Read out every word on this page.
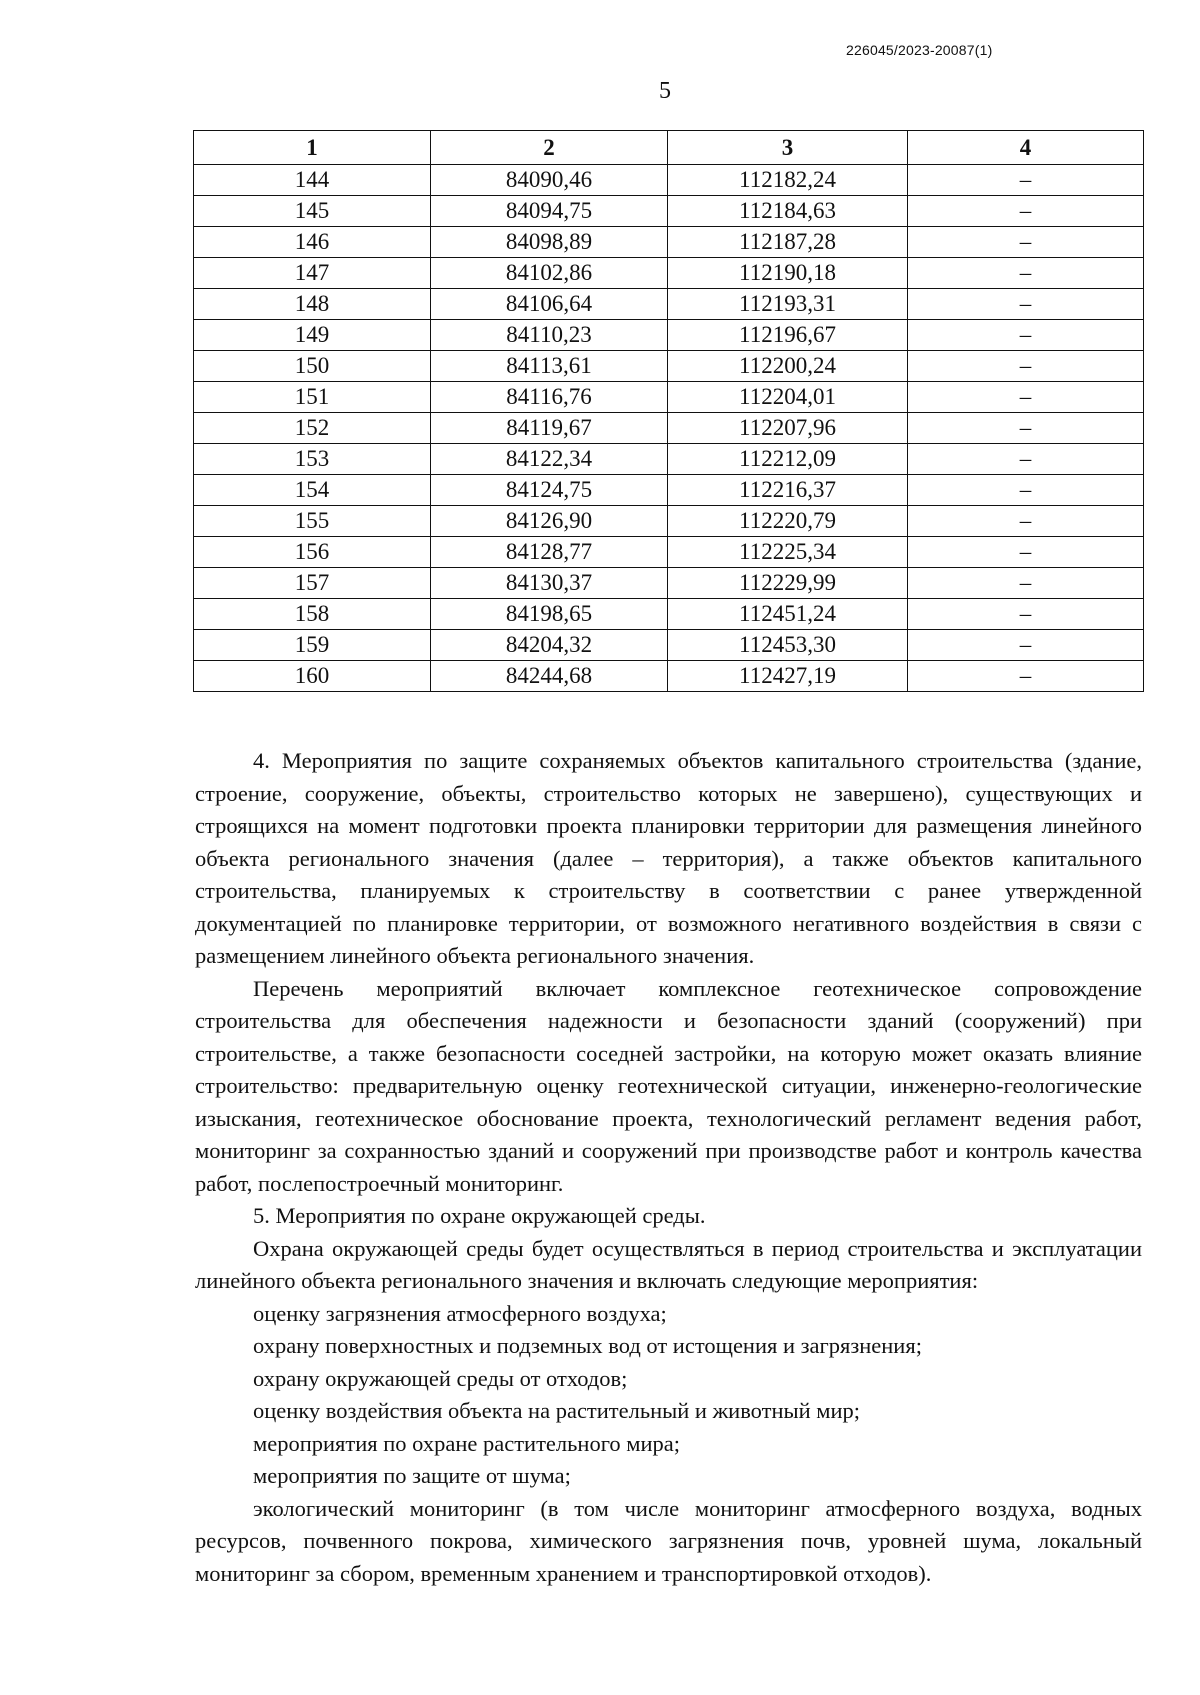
226045/2023-20087(1)
5
1	2	3	4
144	84090,46	112182,24	–
145	84094,75	112184,63	–
146	84098,89	112187,28	–
147	84102,86	112190,18	–
148	84106,64	112193,31	–
149	84110,23	112196,67	–
150	84113,61	112200,24	–
151	84116,76	112204,01	–
152	84119,67	112207,96	–
153	84122,34	112212,09	–
154	84124,75	112216,37	–
155	84126,90	112220,79	–
156	84128,77	112225,34	–
157	84130,37	112229,99	–
158	84198,65	112451,24	–
159	84204,32	112453,30	–
160	84244,68	112427,19	–

4. Мероприятия по защите сохраняемых объектов капитального строительства (здание, строение, сооружение, объекты, строительство которых не завершено), существующих и строящихся на момент подготовки проекта планировки территории для размещения линейного объекта регионального значения (далее – территория), а также объектов капитального строительства, планируемых к строительству в соответствии с ранее утвержденной документацией по планировке территории, от возможного негативного воздействия в связи с размещением линейного объекта регионального значения.

Перечень мероприятий включает комплексное геотехническое сопровождение строительства для обеспечения надежности и безопасности зданий (сооружений) при строительстве, а также безопасности соседней застройки, на которую может оказать влияние строительство: предварительную оценку геотехнической ситуации, инженерно-геологические изыскания, геотехническое обоснование проекта, технологический регламент ведения работ, мониторинг за сохранностью зданий и сооружений при производстве работ и контроль качества работ, послепостроечный мониторинг.

5. Мероприятия по охране окружающей среды.

Охрана окружающей среды будет осуществляться в период строительства и эксплуатации линейного объекта регионального значения и включать следующие мероприятия:

оценку загрязнения атмосферного воздуха;

охрану поверхностных и подземных вод от истощения и загрязнения;

охрану окружающей среды от отходов;

оценку воздействия объекта на растительный и животный мир;

мероприятия по охране растительного мира;

мероприятия по защите от шума;

экологический мониторинг (в том числе мониторинг атмосферного воздуха, водных ресурсов, почвенного покрова, химического загрязнения почв, уровней шума, локальный мониторинг за сбором, временным хранением и транспортировкой отходов).
